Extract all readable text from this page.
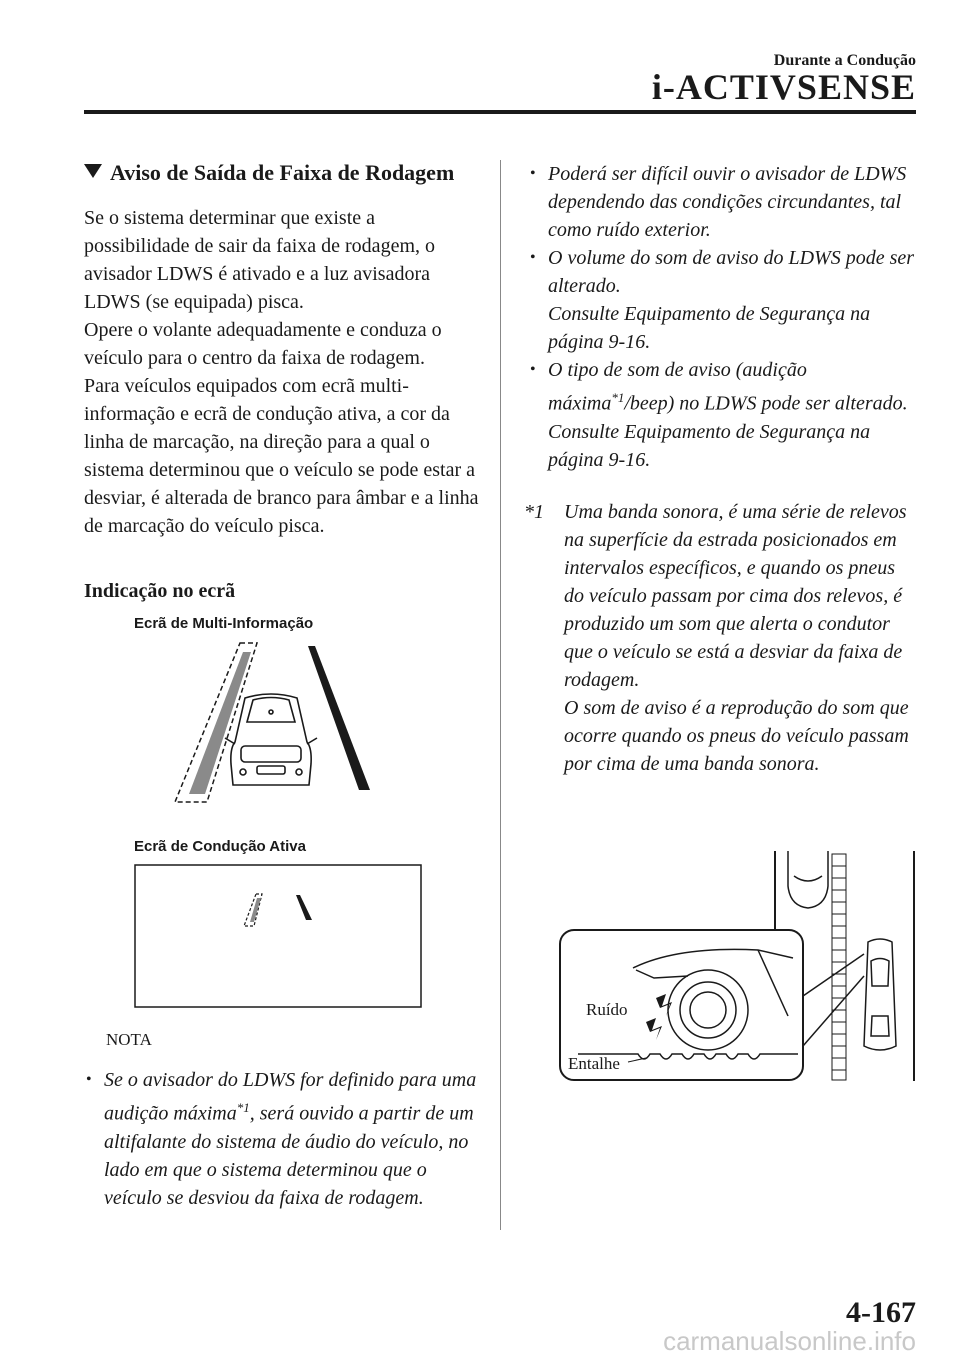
Durante a Condução
i-ACTIVSENSE
Aviso de Saída de Faixa de Rodagem

Se o sistema determinar que existe a possibilidade de sair da faixa de rodagem, o avisador LDWS é ativado e a luz avisadora LDWS (se equipada) pisca.

Opere o volante adequadamente e conduza o veículo para o centro da faixa de rodagem.

Para veículos equipados com ecrã multi-informação e ecrã de condução ativa, a cor da linha de marcação, na direção para a qual o sistema determinou que o veículo se pode estar a desviar, é alterada de branco para âmbar e a linha de marcação do veículo pisca.

Indicação no ecrã
Ecrã de Multi-Informação
Ecrã de Condução Ativa
NOTA
• Se o avisador do LDWS for definido para uma audição máxima$^{*1}$, será ouvido a partir de um altifalante do sistema de áudio do veículo, no lado em que o sistema determinou que o veículo se desviou da faixa de rodagem.
• Poderá ser difícil ouvir o avisador de LDWS dependendo das condições circundantes, tal como ruído exterior.
• O volume do som de aviso do LDWS pode ser alterado.
Consulte Equipamento de Segurança na página 9-16.
• O tipo de som de aviso (audição máxima$^{*1}$/beep) no LDWS pode ser alterado.
Consulte Equipamento de Segurança na página 9-16.
*1 Uma banda sonora, é uma série de relevos na superfície da estrada posicionados em intervalos específicos, e quando os pneus do veículo passam por cima dos relevos, é produzido um som que alerta o condutor que o veículo se está a desviar da faixa de rodagem.
O som de aviso é a reprodução do som que ocorre quando os pneus do veículo passam por cima de uma banda sonora.
Ruído
Entalhe
4-167
carmanualsonline.info
